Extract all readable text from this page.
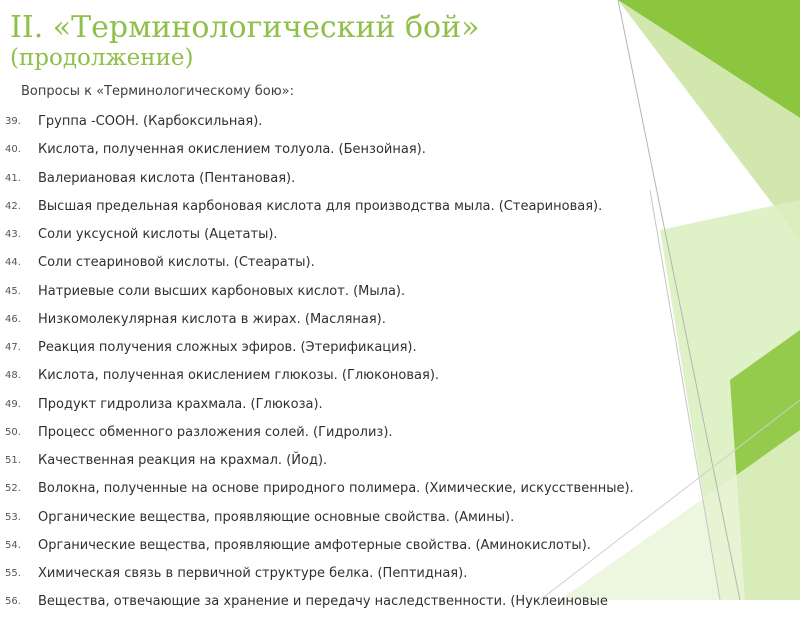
II. «Терминологический бой»
(продолжение)
Вопросы к «Терминологическому бою»:
39.	Группа -COOH. (Карбоксильная).
40.	Кислота, полученная окислением толуола. (Бензойная).
41.	Валериановая кислота (Пентановая).
42.	Высшая предельная карбоновая кислота для производства мыла. (Стеариновая).
43.	Соли уксусной кислоты (Ацетаты).
44.	Соли стеариновой кислоты. (Стеараты).
45.	Натриевые соли высших карбоновых кислот. (Мыла).
46.	Низкомолекулярная кислота в жирах. (Масляная).
47.	Реакция получения сложных эфиров. (Этерификация).
48.	Кислота, полученная окислением глюкозы. (Глюконовая).
49.	Продукт гидролиза крахмала. (Глюкоза).
50.	Процесс обменного разложения солей. (Гидролиз).
51.	Качественная реакция на крахмал. (Йод).
52.	Волокна, полученные на основе природного полимера. (Химические, искусственные).
53.	Органические вещества, проявляющие основные свойства. (Амины).
54.	Органические вещества, проявляющие амфотерные свойства. (Аминокислоты).
55.	Химическая связь в первичной структуре белка. (Пептидная).
56.	Вещества, отвечающие за хранение и передачу наследственности. (Нуклеиновые
